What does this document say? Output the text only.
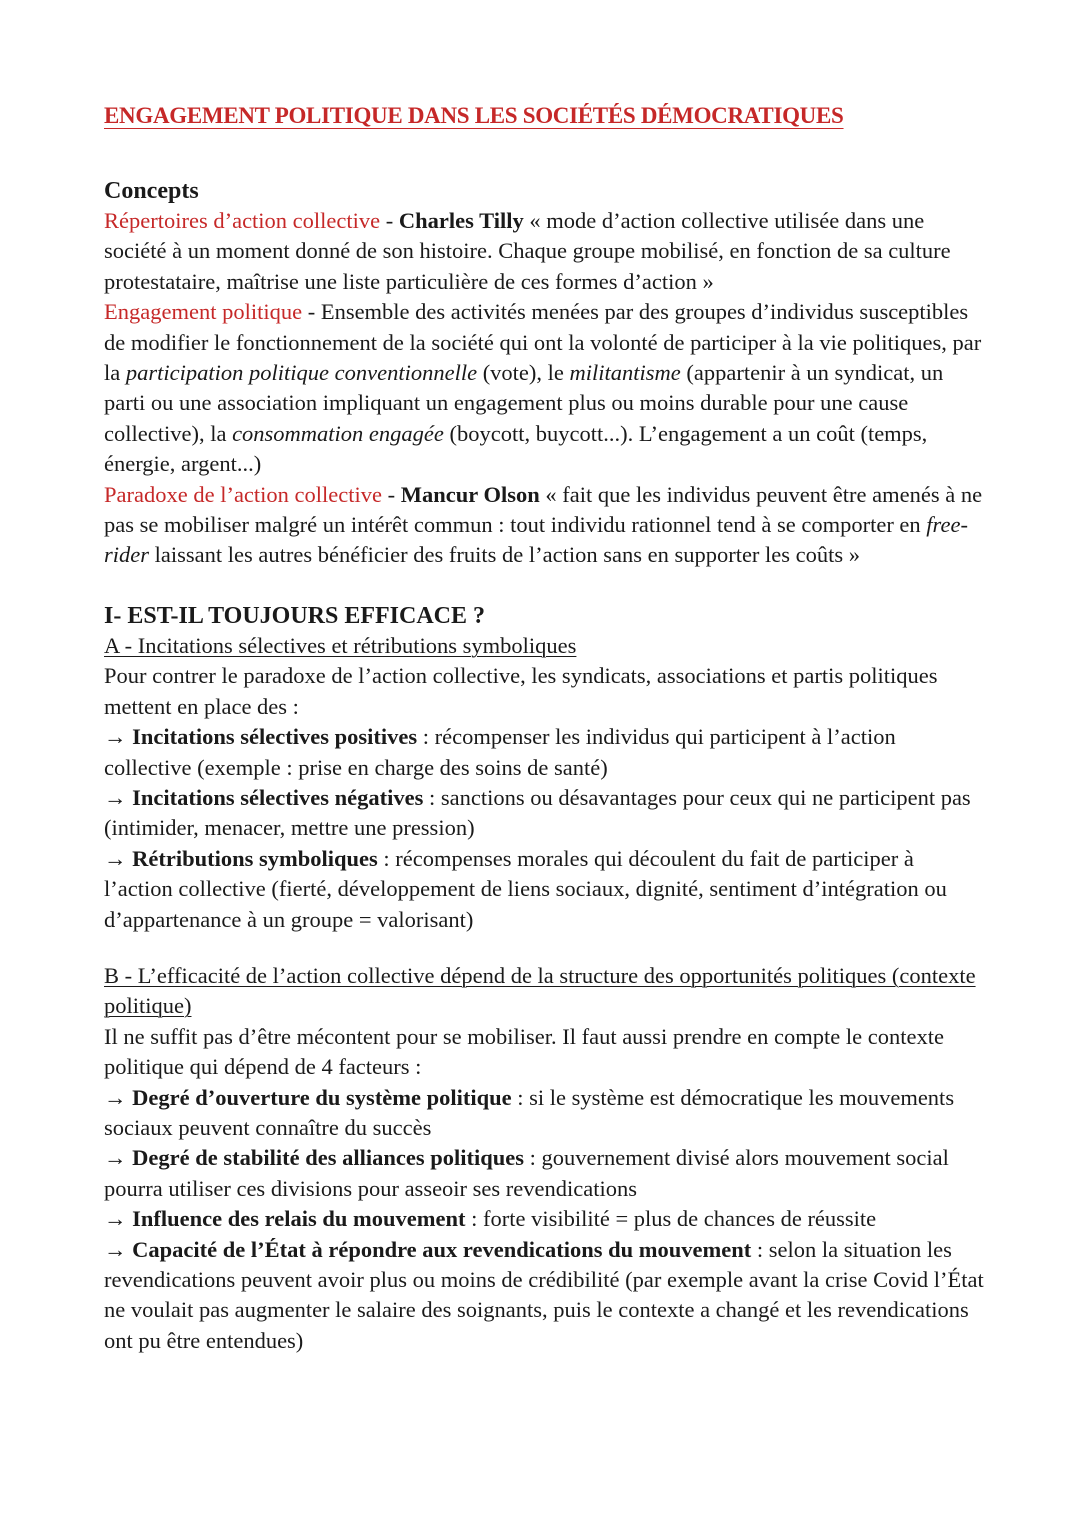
ENGAGEMENT POLITIQUE DANS LES SOCIÉTÉS DÉMOCRATIQUES
Concepts

Répertoires d’action collective - Charles Tilly « mode d’action collective utilisée dans une société à un moment donné de son histoire. Chaque groupe mobilisé, en fonction de sa culture protestataire, maîtrise une liste particulière de ces formes d’action »

Engagement politique - Ensemble des activités menées par des groupes d’individus susceptibles de modifier le fonctionnement de la société qui ont la volonté de participer à la vie politiques, par la participation politique conventionnelle (vote), le militantisme (appartenir à un syndicat, un parti ou une association impliquant un engagement plus ou moins durable pour une cause collective), la consommation engagée (boycott, buycott...). L’engagement a un coût (temps, énergie, argent...)

Paradoxe de l’action collective - Mancur Olson « fait que les individus peuvent être amenés à ne pas se mobiliser malgré un intérêt commun : tout individu rationnel tend à se comporter en free-rider laissant les autres bénéficier des fruits de l’action sans en supporter les coûts »

I- EST-IL TOUJOURS EFFICACE ?

A - Incitations sélectives et rétributions symboliques

Pour contrer le paradoxe de l’action collective, les syndicats, associations et partis politiques mettent en place des :

→ Incitations sélectives positives : récompenser les individus qui participent à l’action collective (exemple : prise en charge des soins de santé)

→ Incitations sélectives négatives : sanctions ou désavantages pour ceux qui ne participent pas (intimider, menacer, mettre une pression)

→ Rétributions symboliques : récompenses morales qui découlent du fait de participer à l’action collective (fierté, développement de liens sociaux, dignité, sentiment d’intégration ou d’appartenance à un groupe = valorisant)

B - L’efficacité de l’action collective dépend de la structure des opportunités politiques (contexte politique)

Il ne suffit pas d’être mécontent pour se mobiliser. Il faut aussi prendre en compte le contexte politique qui dépend de 4 facteurs :

→ Degré d’ouverture du système politique : si le système est démocratique les mouvements sociaux peuvent connaître du succès

→ Degré de stabilité des alliances politiques : gouvernement divisé alors mouvement social pourra utiliser ces divisions pour asseoir ses revendications

→ Influence des relais du mouvement : forte visibilité = plus de chances de réussite

→ Capacité de l’État à répondre aux revendications du mouvement : selon la situation les revendications peuvent avoir plus ou moins de crédibilité (par exemple avant la crise Covid l’État ne voulait pas augmenter le salaire des soignants, puis le contexte a changé et les revendications ont pu être entendues)
